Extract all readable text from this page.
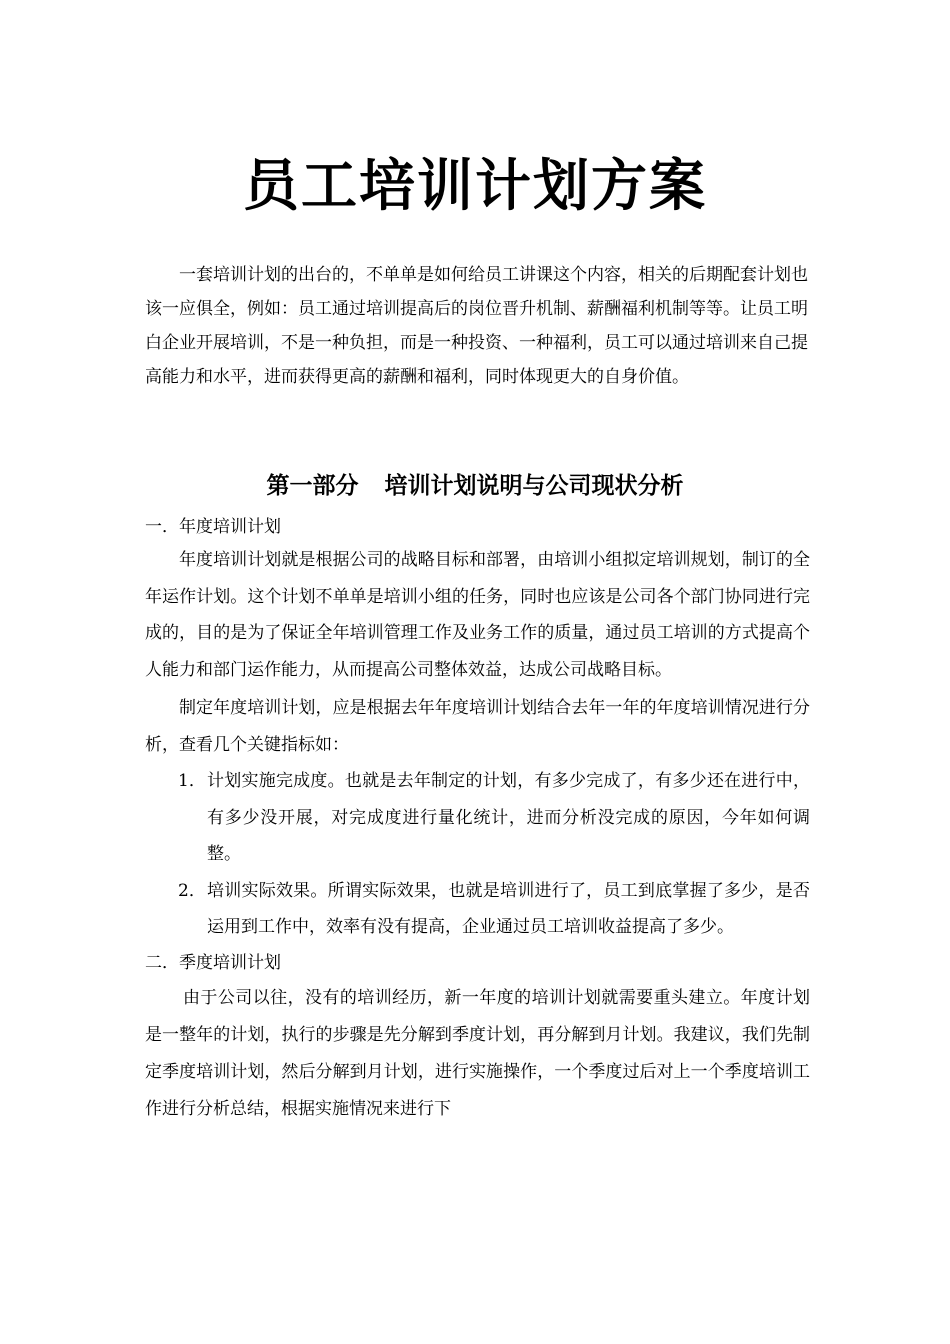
员工培训计划方案

一套培训计划的出台的，不单单是如何给员工讲课这个内容，相关的后期配套计划也该一应俱全，例如：员工通过培训提高后的岗位晋升机制、薪酬福利机制等等。让员工明白企业开展培训，不是一种负担，而是一种投资、一种福利，员工可以通过培训来自己提高能力和水平，进而获得更高的薪酬和福利，同时体现更大的自身价值。

第一部分 培训计划说明与公司现状分析

一．年度培训计划

年度培训计划就是根据公司的战略目标和部署，由培训小组拟定培训规划，制订的全年运作计划。这个计划不单单是培训小组的任务，同时也应该是公司各个部门协同进行完成的，目的是为了保证全年培训管理工作及业务工作的质量，通过员工培训的方式提高个人能力和部门运作能力，从而提高公司整体效益，达成公司战略目标。

制定年度培训计划，应是根据去年年度培训计划结合去年一年的年度培训情况进行分析，查看几个关键指标如：

1． 计划实施完成度。也就是去年制定的计划，有多少完成了，有多少还在进行中，有多少没开展，对完成度进行量化统计，进而分析没完成的原因，今年如何调整。
2． 培训实际效果。所谓实际效果，也就是培训进行了，员工到底掌握了多少，是否运用到工作中，效率有没有提高，企业通过员工培训收益提高了多少。

二．季度培训计划

由于公司以往，没有的培训经历，新一年度的培训计划就需要重头建立。年度计划是一整年的计划，执行的步骤是先分解到季度计划，再分解到月计划。我建议，我们先制定季度培训计划，然后分解到月计划，进行实施操作，一个季度过后对上一个季度培训工作进行分析总结，根据实施情况来进行下
